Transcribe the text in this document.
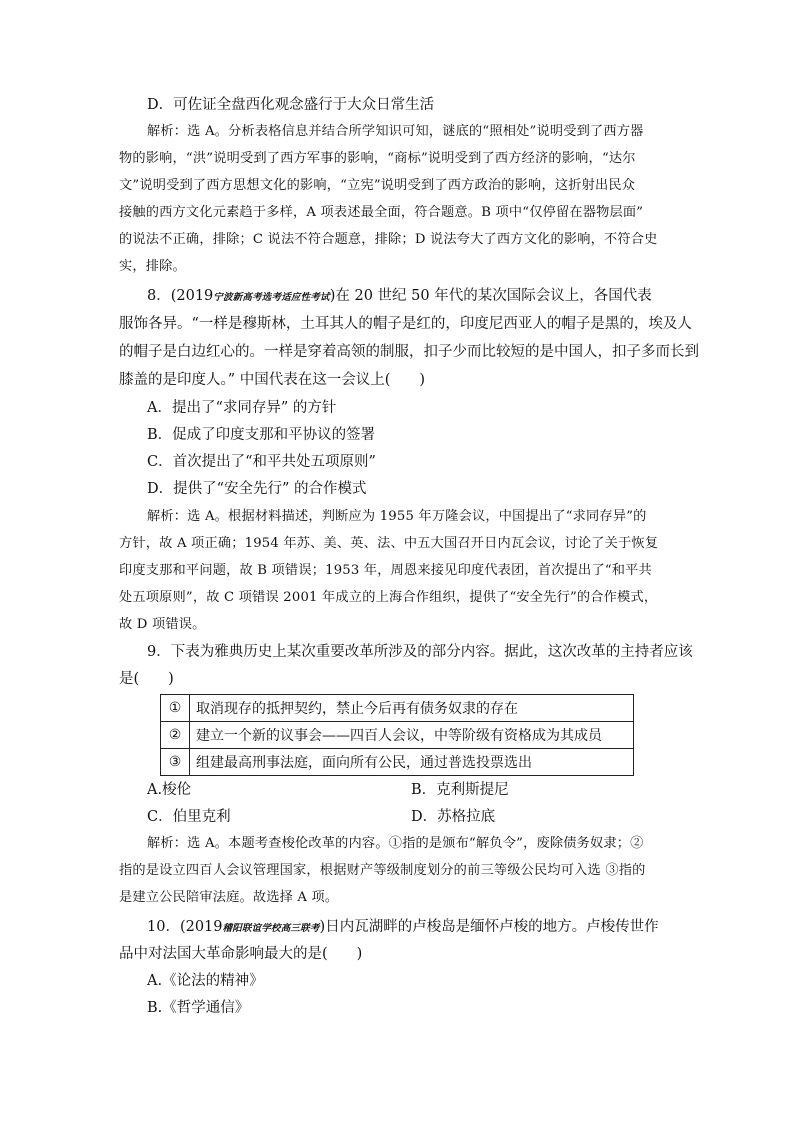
D．可佐证全盘西化观念盛行于大众日常生活
解析：选 A。分析表格信息并结合所学知识可知，谜底的“照相处”说明受到了西方器
物的影响，“洪”说明受到了西方军事的影响，“商标”说明受到了西方经济的影响，“达尔
文”说明受到了西方思想文化的影响，“立宪”说明受到了西方政治的影响，这折射出民众
接触的西方文化元素趋于多样，A 项表述最全面，符合题意。B 项中“仅停留在器物层面”
的说法不正确，排除；C 说法不符合题意，排除；D 说法夸大了西方文化的影响，不符合史
实，排除。
8．(2019宁波新高考选考适应性考试)在 20 世纪 50 年代的某次国际会议上，各国代表
服饰各异。“一样是穆斯林，土耳其人的帽子是红的，印度尼西亚人的帽子是黑的，埃及人
的帽子是白边红心的。一样是穿着高领的制服，扣子少而比较短的是中国人，扣子多而长到
膝盖的是印度人。” 中国代表在这一会议上(　　)
A．提出了“求同存异” 的方针
B．促成了印度支那和平协议的签署
C．首次提出了“和平共处五项原则”
D．提供了“安全先行” 的合作模式
解析：选 A。根据材料描述，判断应为 1955 年万隆会议，中国提出了“求同存异”的
方针，故 A 项正确；1954 年苏、美、英、法、中五大国召开日内瓦会议，讨论了关于恢复
印度支那和平问题，故 B 项错误；1953 年，周恩来接见印度代表团，首次提出了“和平共
处五项原则”，故 C 项错误 2001 年成立的上海合作组织，提供了“安全先行”的合作模式，
故 D 项错误。
9．下表为雅典历史上某次重要改革所涉及的部分内容。据此，这次改革的主持者应该
是(　　)
①	取消现存的抵押契约，禁止今后再有债务奴隶的存在
②	建立一个新的议事会——四百人会议，中等阶级有资格成为其成员
③	组建最高刑事法庭，面向所有公民，通过普选投票选出
A.梭伦	B．克利斯提尼
C．伯里克利	D．苏格拉底
解析：选 A。本题考查梭伦改革的内容。①指的是颁布“解负令”，废除债务奴隶；②
指的是设立四百人会议管理国家，根据财产等级制度划分的前三等级公民均可入选 ③指的
是建立公民陪审法庭。故选择 A 项。
10．(2019稽阳联谊学校高三联考)日内瓦湖畔的卢梭岛是缅怀卢梭的地方。卢梭传世作
品中对法国大革命影响最大的是(　　)
A.《论法的精神》
B.《哲学通信》
